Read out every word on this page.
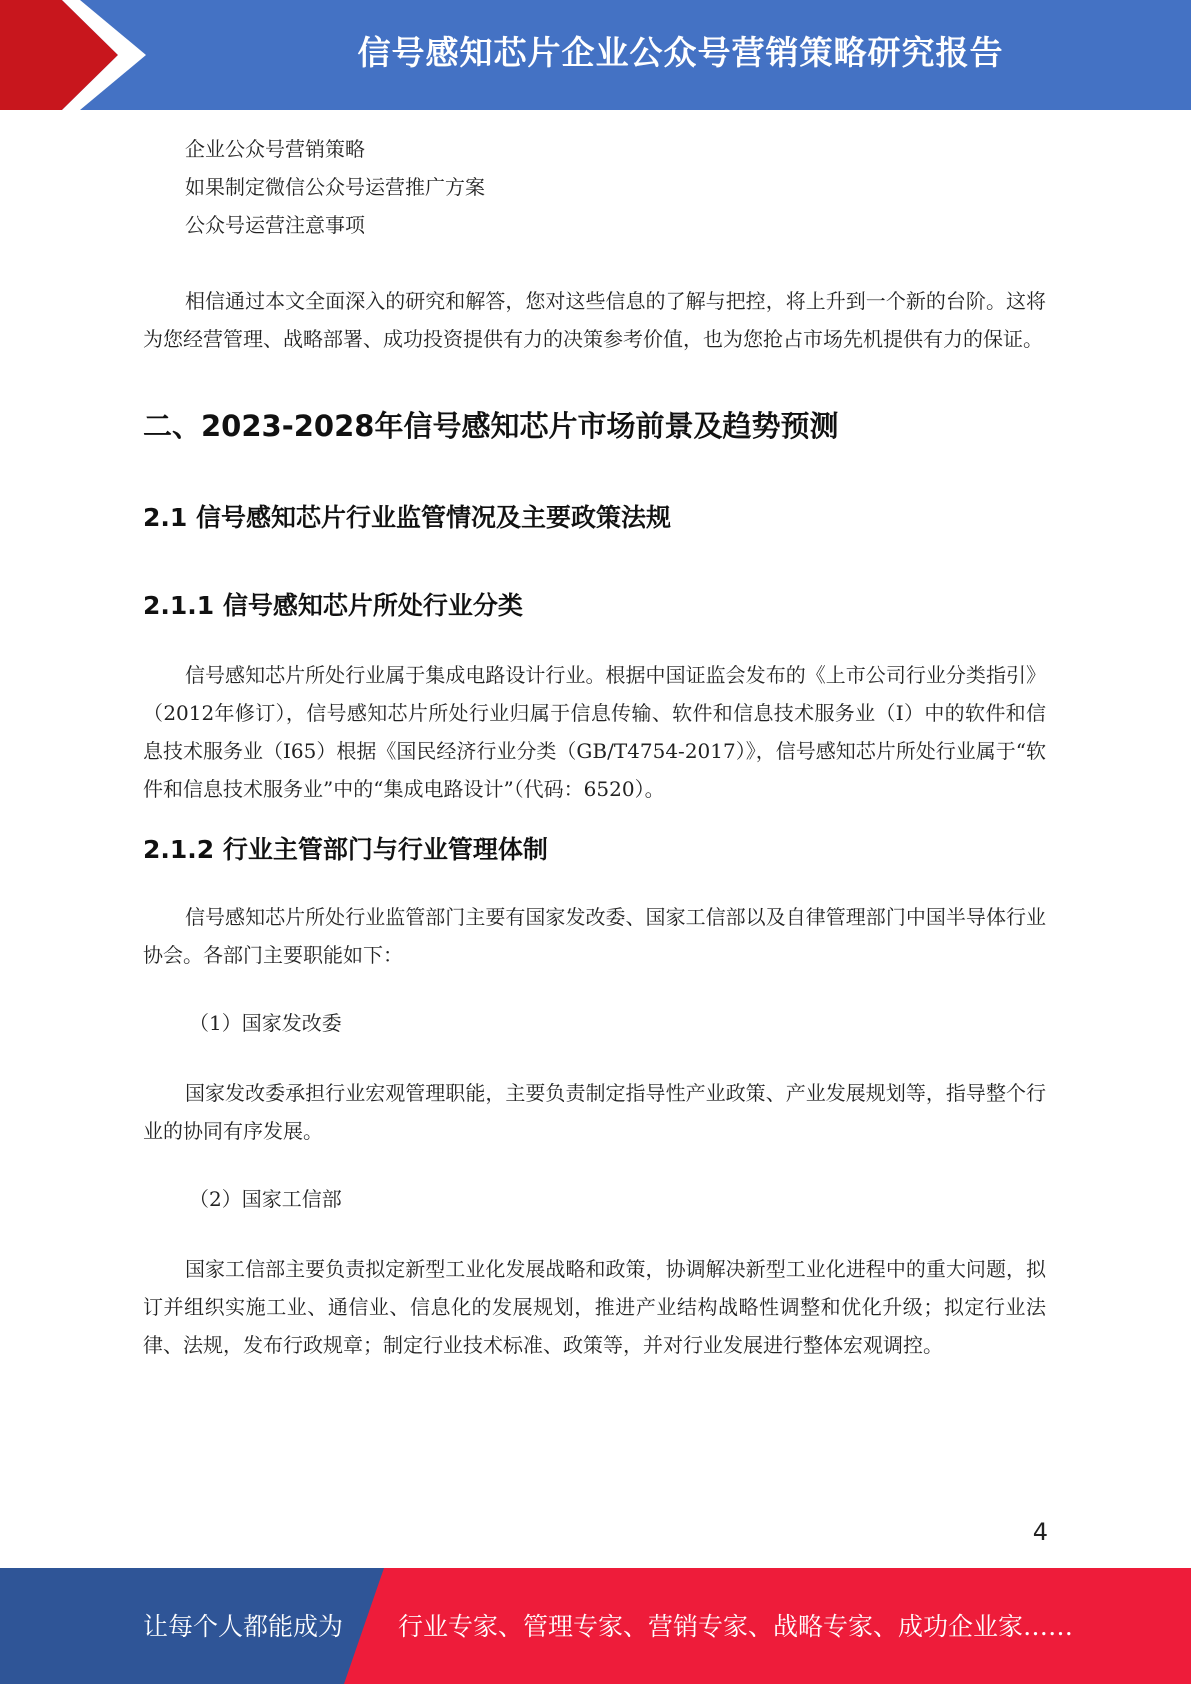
信号感知芯片企业公众号营销策略研究报告

企业公众号营销策略

如果制定微信公众号运营推广方案

公众号运营注意事项

相信通过本文全面深入的研究和解答，您对这些信息的了解与把控，将上升到一个新的台阶。这将为您经营管理、战略部署、成功投资提供有力的决策参考价值，也为您抢占市场先机提供有力的保证。

二、2023-2028年信号感知芯片市场前景及趋势预测
2.1 信号感知芯片行业监管情况及主要政策法规
2.1.1 信号感知芯片所处行业分类

信号感知芯片所处行业属于集成电路设计行业。根据中国证监会发布的《上市公司行业分类指引》（2012年修订），信号感知芯片所处行业归属于信息传输、软件和信息技术服务业（I）中的软件和信息技术服务业（I65）根据《国民经济行业分类（GB/T4754-2017）》，信号感知芯片所处行业属于“软件和信息技术服务业”中的“集成电路设计”（代码：6520）。

2.1.2 行业主管部门与行业管理体制

信号感知芯片所处行业监管部门主要有国家发改委、国家工信部以及自律管理部门中国半导体行业协会。各部门主要职能如下：

（1）国家发改委

国家发改委承担行业宏观管理职能，主要负责制定指导性产业政策、产业发展规划等，指导整个行业的协同有序发展。

（2）国家工信部

国家工信部主要负责拟定新型工业化发展战略和政策，协调解决新型工业化进程中的重大问题，拟订并组织实施工业、通信业、信息化的发展规划，推进产业结构战略性调整和优化升级；拟定行业法律、法规，发布行政规章；制定行业技术标准、政策等，并对行业发展进行整体宏观调控。

4
让每个人都能成为 行业专家、管理专家、营销专家、战略专家、成功企业家……
